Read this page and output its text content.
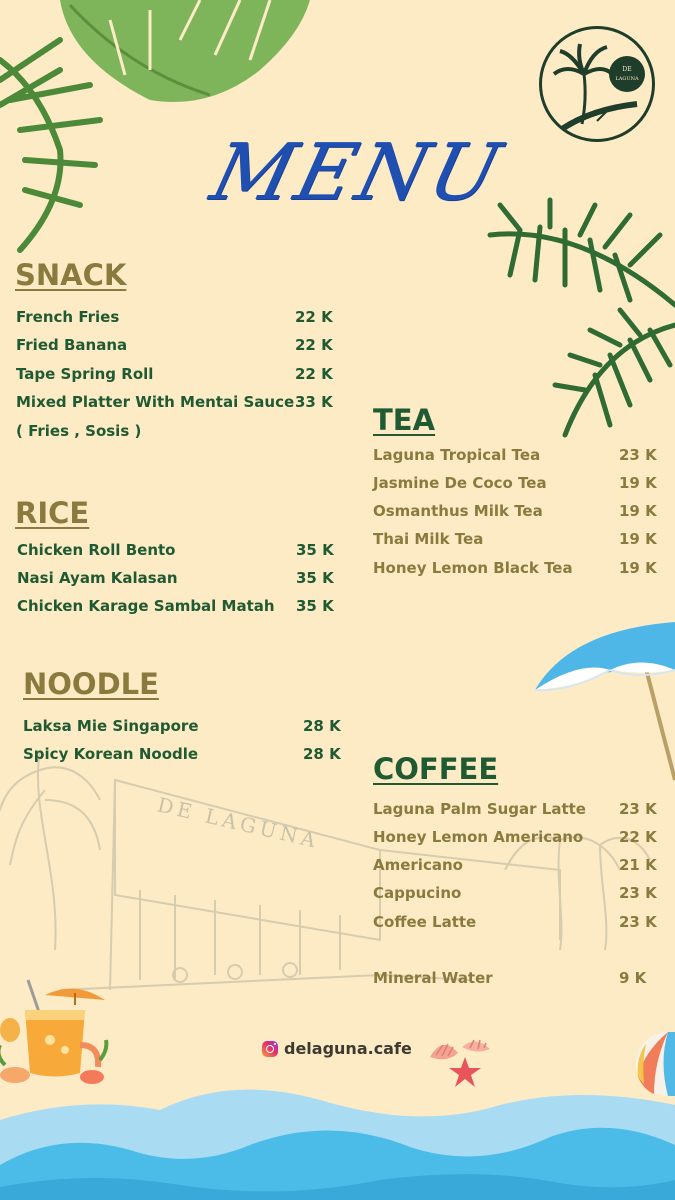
DE LAGUNA
DE
LAGUNA
MENU
SNACK
French Fries	22 K
Fried Banana	22 K
Tape Spring Roll	22 K
Mixed Platter With Mentai Sauce 33 K
( Fries , Sosis )
RICE
Chicken Roll Bento	35 K
Nasi Ayam Kalasan	35 K
Chicken Karage Sambal Matah 35 K
NOODLE
Laksa Mie Singapore	28 K
Spicy Korean Noodle	28 K
TEA
Laguna Tropical Tea	23 K
Jasmine De Coco Tea	19 K
Osmanthus Milk Tea	19 K
Thai Milk Tea	19 K
Honey Lemon Black Tea	19 K
COFFEE
Laguna Palm Sugar Latte 23 K
Honey Lemon Americano 22 K
Americano	21 K
Cappucino	23 K
Coffee Latte	23 K
Mineral Water	9 K
delaguna.cafe
